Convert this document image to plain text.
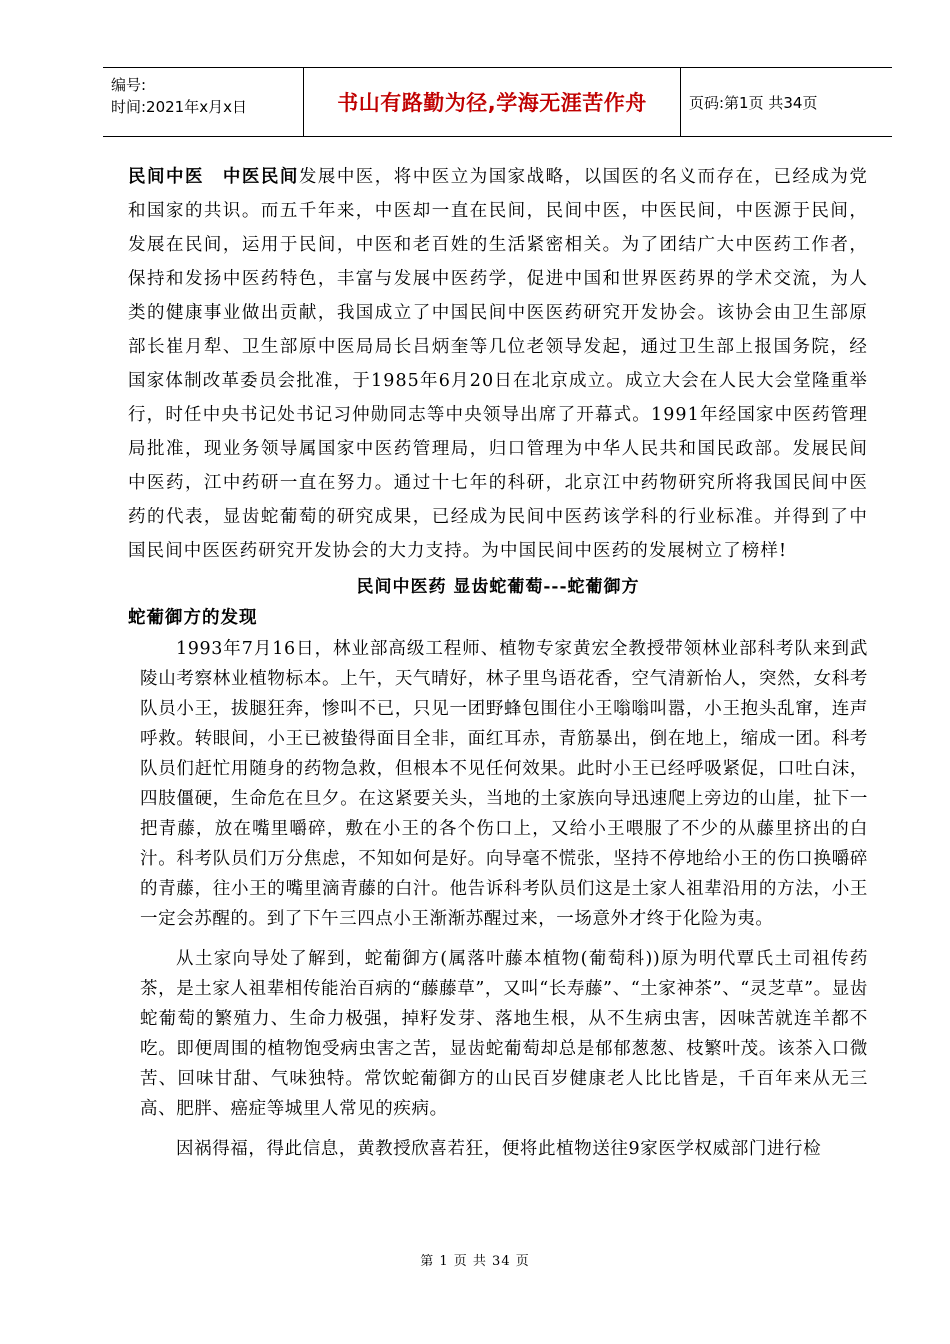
编号:
时间:2021年x月x日	书山有路勤为径,学海无涯苦作舟	页码:第1页 共34页

民间中医　中医民间发展中医，将中医立为国家战略，以国医的名义而存在，已经成为党和国家的共识。而五千年来，中医却一直在民间，民间中医，中医民间，中医源于民间，发展在民间，运用于民间，中医和老百姓的生活紧密相关。为了团结广大中医药工作者，保持和发扬中医药特色，丰富与发展中医药学，促进中国和世界医药界的学术交流，为人类的健康事业做出贡献，我国成立了中国民间中医医药研究开发协会。该协会由卫生部原部长崔月犁、卫生部原中医局局长吕炳奎等几位老领导发起，通过卫生部上报国务院，经国家体制改革委员会批准，于1985年6月20日在北京成立。成立大会在人民大会堂隆重举行，时任中央书记处书记习仲勋同志等中央领导出席了开幕式。1991年经国家中医药管理局批准，现业务领导属国家中医药管理局，归口管理为中华人民共和国民政部。发展民间中医药，江中药研一直在努力。通过十七年的科研，北京江中药物研究所将我国民间中医药的代表，显齿蛇葡萄的研究成果，已经成为民间中医药该学科的行业标准。并得到了中国民间中医医药研究开发协会的大力支持。为中国民间中医药的发展树立了榜样!

民间中医药 显齿蛇葡萄---蛇葡御方

蛇葡御方的发现

1993年7月16日，林业部高级工程师、植物专家黄宏全教授带领林业部科考队来到武陵山考察林业植物标本。上午，天气晴好，林子里鸟语花香，空气清新怡人，突然，女科考队员小王，拔腿狂奔，惨叫不已，只见一团野蜂包围住小王嗡嗡叫嚣，小王抱头乱窜，连声呼救。转眼间，小王已被蛰得面目全非，面红耳赤，青筋暴出，倒在地上，缩成一团。科考队员们赶忙用随身的药物急救，但根本不见任何效果。此时小王已经呼吸紧促，口吐白沫，四肢僵硬，生命危在旦夕。在这紧要关头，当地的土家族向导迅速爬上旁边的山崖，扯下一把青藤，放在嘴里嚼碎，敷在小王的各个伤口上，又给小王喂服了不少的从藤里挤出的白汁。科考队员们万分焦虑，不知如何是好。向导毫不慌张，坚持不停地给小王的伤口换嚼碎的青藤，往小王的嘴里滴青藤的白汁。他告诉科考队员们这是土家人祖辈沿用的方法，小王一定会苏醒的。到了下午三四点小王渐渐苏醒过来，一场意外才终于化险为夷。

从土家向导处了解到，蛇葡御方(属落叶藤本植物(葡萄科))原为明代覃氏土司祖传药茶，是土家人祖辈相传能治百病的“藤藤草”，又叫“长寿藤”、“土家神茶”、“灵芝草”。显齿蛇葡萄的繁殖力、生命力极强，掉籽发芽、落地生根，从不生病虫害，因味苦就连羊都不吃。即便周围的植物饱受病虫害之苦，显齿蛇葡萄却总是郁郁葱葱、枝繁叶茂。该茶入口微苦、回味甘甜、气味独特。常饮蛇葡御方的山民百岁健康老人比比皆是，千百年来从无三高、肥胖、癌症等城里人常见的疾病。

因祸得福，得此信息，黄教授欣喜若狂，便将此植物送往9家医学权威部门进行检

第 1 页 共 34 页
